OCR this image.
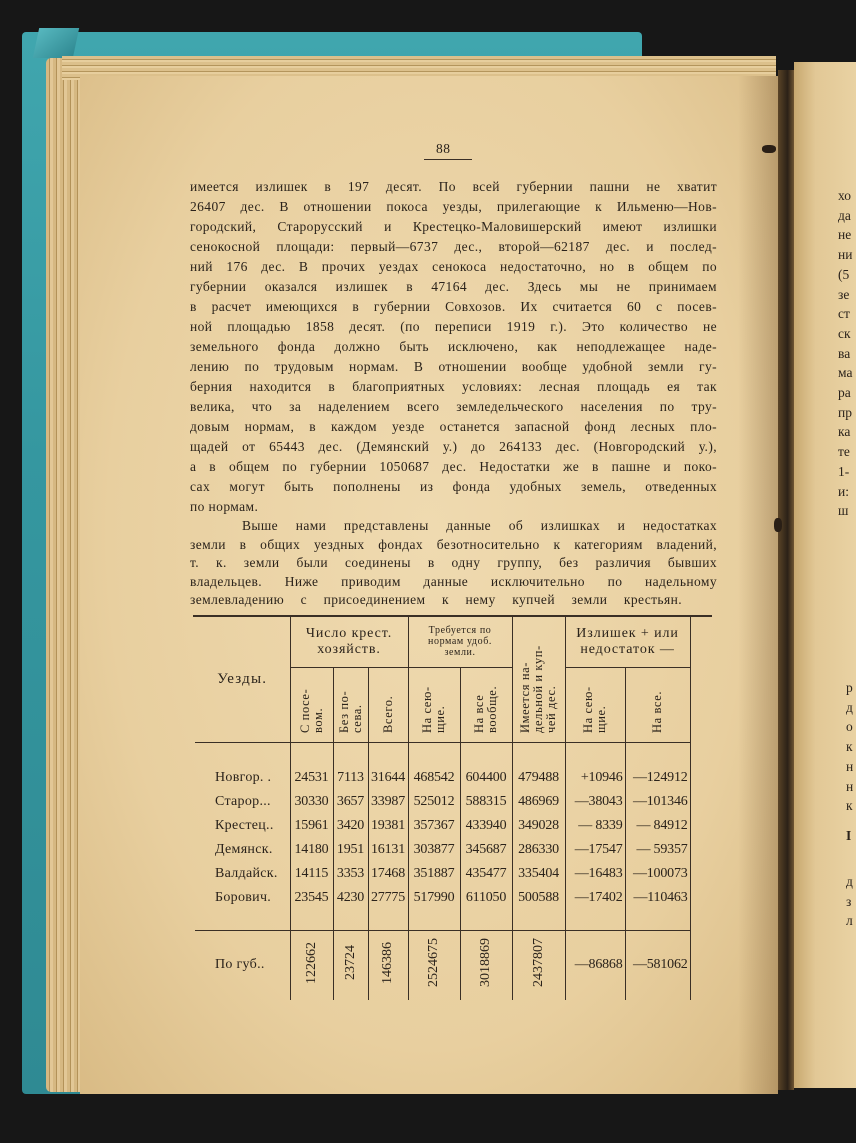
88
имеется излишек в 197 десят. По всей губернии пашни не хватит
26407 дес. В отношении покоса уезды, прилегающие к Ильменю—Нов-
городский, Старорусский и Крестецко-Маловишерский имеют излишки
сенокосной площади: первый—6737 дес., второй—62187 дес. и послед-
ний 176 дес. В прочих уездах сенокоса недостаточно, но в общем по
губернии оказался излишек в 47164 дес. Здесь мы не принимаем
в расчет имеющихся в губернии Совхозов. Их считается 60 с посев-
ной площадью 1858 десят. (по переписи 1919 г.). Это количество не
земельного фонда должно быть исключено, как неподлежащее наде-
лению по трудовым нормам. В отношении вообще удобной земли гу-
берния находится в благоприятных условиях: лесная площадь ея так
велика, что за наделением всего земледельческого населения по тру-
довым нормам, в каждом уезде останется запасной фонд лесных пло-
щадей от 65443 дес. (Демянский у.) до 264133 дес. (Новгородский у.),
а в общем по губернии 1050687 дес. Недостатки же в пашне и поко-
сах могут быть пополнены из фонда удобных земель, отведенных
по нормам.
Выше нами представлены данные об излишках и недостатках
земли в общих уездных фондах безотносительно к категориям владений,
т. к. земли были соединены в одну группу, без различия бывших
владельцев. Ниже приводим данные исключительно по надельному
землевладению с присоединением к нему купчей земли крестьян.
Уезды.	Число крест.
хозяйств.			Требуется по
нормам удоб.
земли.		Имеется на-
дельной и куп-
чей дес.	Излишек + или
недостаток —	
	С посе-
вом.	Без по-
сева.	Всего.	На сею-
щие.	На все
вообще.		На сею-
щие.	На все.

Новгор. .	24531	7113	31644	468542	604400	479488	+10946	—124912
Старор...	30330	3657	33987	525012	588315	486969	—38043	—101346
Крестец..	15961	3420	19381	357367	433940	349028	— 8339	— 84912
Демянск.	14180	1951	16131	303877	345687	286330	—17547	— 59357
Валдайск.	14115	3353	17468	351887	435477	335404	—16483	—100073
Борович.	23545	4230	27775	517990	611050	500588	—17402	—110463

По губ..	122662	23724	146386	2524675	3018869	2437807	—86868	—581062
хо
да
не
ни
(5
зе
ст
ск
ва
ма
ра
пр
ка
те
1-
и:
ш
р
д
о
к
н
н
к
I
д
з
л
